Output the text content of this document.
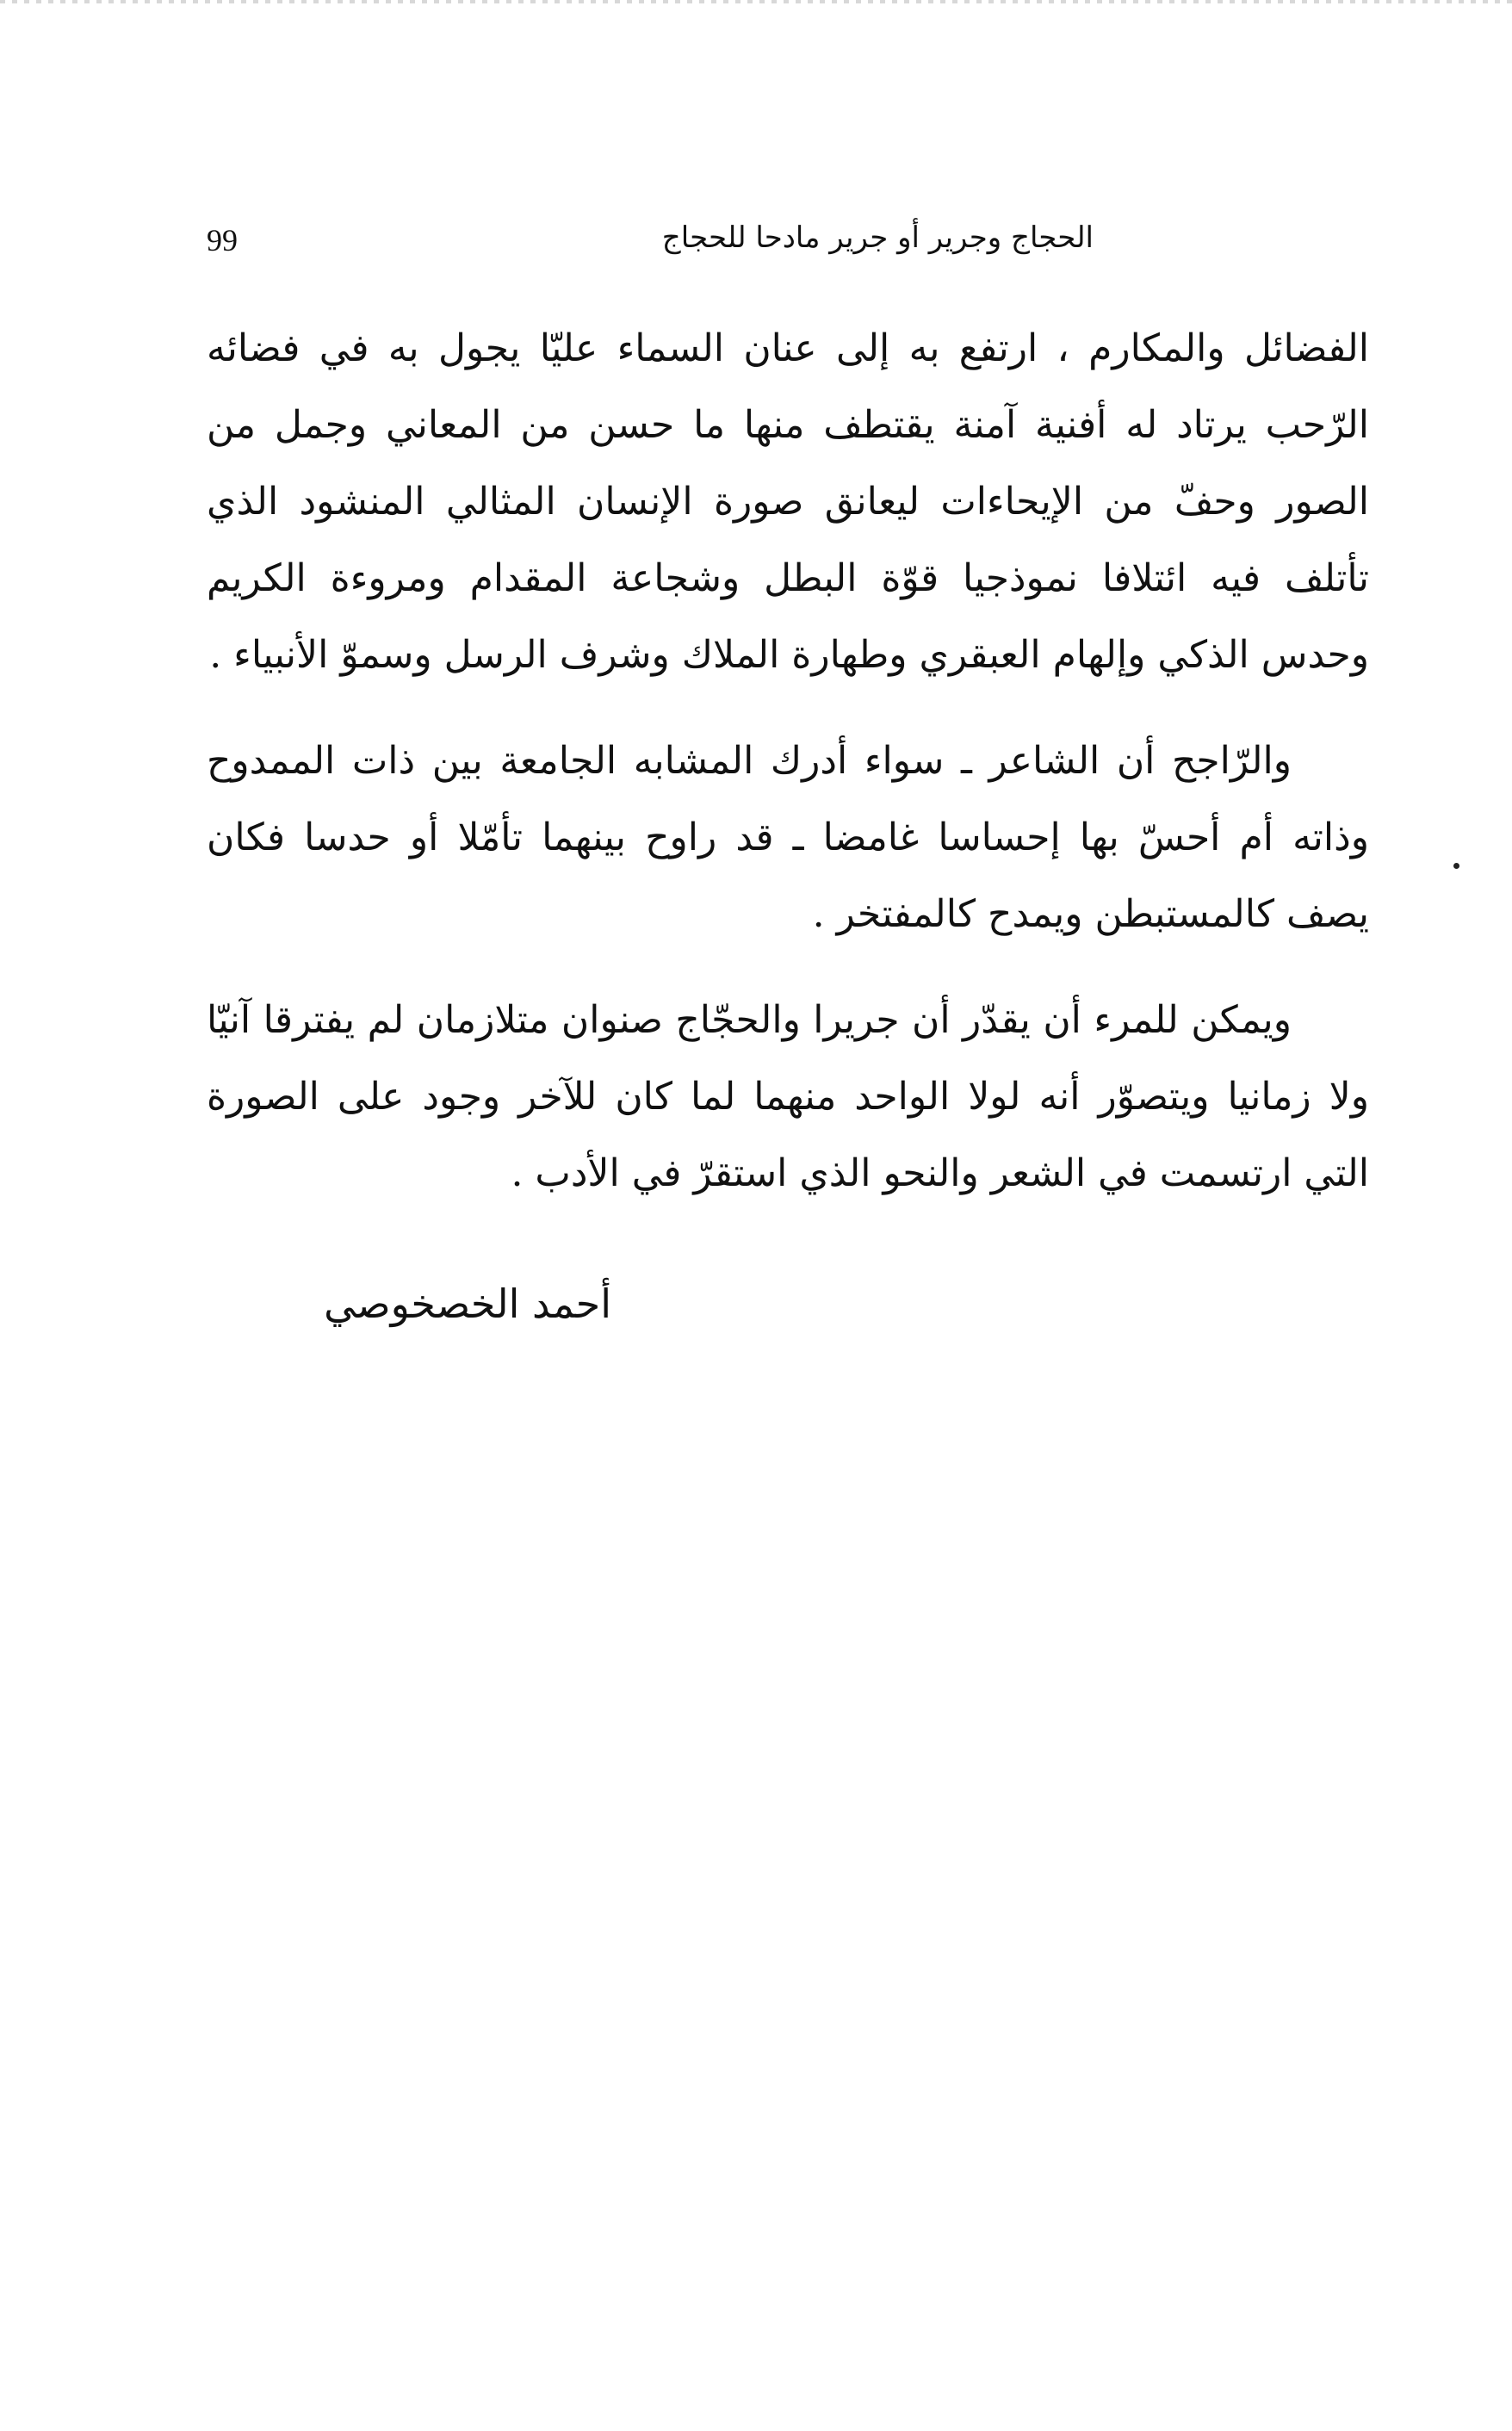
99	الحجاج وجرير أو جرير مادحا للحجاج

الفضائل والمكارم ، ارتفع به إلى عنان السماء عليّا يجول به في فضائه الرّحب يرتاد له أفنية آمنة يقتطف منها ما حسن من المعاني وجمل من الصور وحفّ من الإيحاءات ليعانق صورة الإنسان المثالي المنشود الذي تأتلف فيه ائتلافا نموذجيا قوّة البطل وشجاعة المقدام ومروءة الكريم وحدس الذكي وإلهام العبقري وطهارة الملاك وشرف الرسل وسموّ الأنبياء .

والرّاجح أن الشاعر ـ سواء أدرك المشابه الجامعة بين ذات الممدوح وذاته أم أحسّ بها إحساسا غامضا ـ قد راوح بينهما تأمّلا أو حدسا فكان يصف كالمستبطن ويمدح كالمفتخر .

ويمكن للمرء أن يقدّر أن جريرا والحجّاج صنوان متلازمان لم يفترقا آنيّا ولا زمانيا ويتصوّر أنه لولا الواحد منهما لما كان للآخر وجود على الصورة التي ارتسمت في الشعر والنحو الذي استقرّ في الأدب .

أحمد الخصخوصي
